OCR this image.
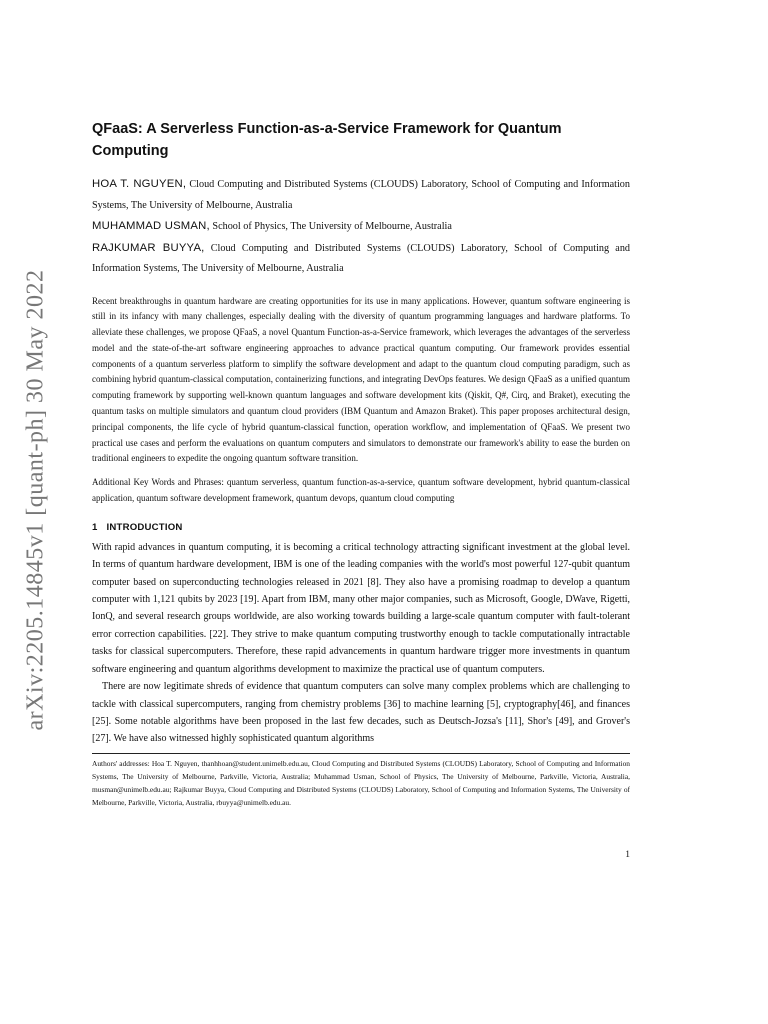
arXiv:2205.14845v1 [quant-ph] 30 May 2022
QFaaS: A Serverless Function-as-a-Service Framework for Quantum Computing

HOA T. NGUYEN, Cloud Computing and Distributed Systems (CLOUDS) Laboratory, School of Computing and Information Systems, The University of Melbourne, Australia

MUHAMMAD USMAN, School of Physics, The University of Melbourne, Australia

RAJKUMAR BUYYA, Cloud Computing and Distributed Systems (CLOUDS) Laboratory, School of Computing and Information Systems, The University of Melbourne, Australia

Recent breakthroughs in quantum hardware are creating opportunities for its use in many applications. However, quantum software engineering is still in its infancy with many challenges, especially dealing with the diversity of quantum programming languages and hardware platforms. To alleviate these challenges, we propose QFaaS, a novel Quantum Function-as-a-Service framework, which leverages the advantages of the serverless model and the state-of-the-art software engineering approaches to advance practical quantum computing. Our framework provides essential components of a quantum serverless platform to simplify the software development and adapt to the quantum cloud computing paradigm, such as combining hybrid quantum-classical computation, containerizing functions, and integrating DevOps features. We design QFaaS as a unified quantum computing framework by supporting well-known quantum languages and software development kits (Qiskit, Q#, Cirq, and Braket), executing the quantum tasks on multiple simulators and quantum cloud providers (IBM Quantum and Amazon Braket). This paper proposes architectural design, principal components, the life cycle of hybrid quantum-classical function, operation workflow, and implementation of QFaaS. We present two practical use cases and perform the evaluations on quantum computers and simulators to demonstrate our framework's ability to ease the burden on traditional engineers to expedite the ongoing quantum software transition.

Additional Key Words and Phrases: quantum serverless, quantum function-as-a-service, quantum software development, hybrid quantum-classical application, quantum software development framework, quantum devops, quantum cloud computing

1 INTRODUCTION

With rapid advances in quantum computing, it is becoming a critical technology attracting significant investment at the global level. In terms of quantum hardware development, IBM is one of the leading companies with the world's most powerful 127-qubit quantum computer based on superconducting technologies released in 2021 [8]. They also have a promising roadmap to develop a quantum computer with 1,121 qubits by 2023 [19]. Apart from IBM, many other major companies, such as Microsoft, Google, DWave, Rigetti, IonQ, and several research groups worldwide, are also working towards building a large-scale quantum computer with fault-tolerant error correction capabilities. [22]. They strive to make quantum computing trustworthy enough to tackle computationally intractable tasks for classical supercomputers. Therefore, these rapid advancements in quantum hardware trigger more investments in quantum software engineering and quantum algorithms development to maximize the practical use of quantum computers.

There are now legitimate shreds of evidence that quantum computers can solve many complex problems which are challenging to tackle with classical supercomputers, ranging from chemistry problems [36] to machine learning [5], cryptography[46], and finances [25]. Some notable algorithms have been proposed in the last few decades, such as Deutsch-Jozsa's [11], Shor's [49], and Grover's [27]. We have also witnessed highly sophisticated quantum algorithms

Authors' addresses: Hoa T. Nguyen, thanhhoan@student.unimelb.edu.au, Cloud Computing and Distributed Systems (CLOUDS) Laboratory, School of Computing and Information Systems, The University of Melbourne, Parkville, Victoria, Australia; Muhammad Usman, School of Physics, The University of Melbourne, Parkville, Victoria, Australia, musman@unimelb.edu.au; Rajkumar Buyya, Cloud Computing and Distributed Systems (CLOUDS) Laboratory, School of Computing and Information Systems, The University of Melbourne, Parkville, Victoria, Australia, rbuyya@unimelb.edu.au.

1
